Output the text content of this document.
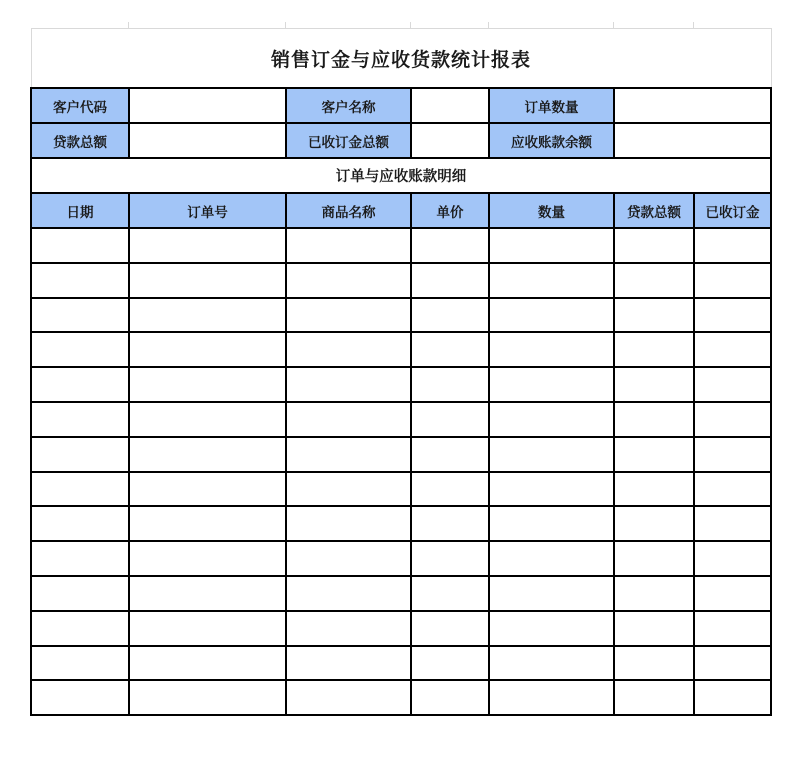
销售订金与应收货款统计报表						
客户代码		客户名称		订单数量		
贷款总额		已收订金总额		应收账款余额		
订单与应收账款明细						
日期	订单号	商品名称	单价	数量	贷款总额	已收订金
